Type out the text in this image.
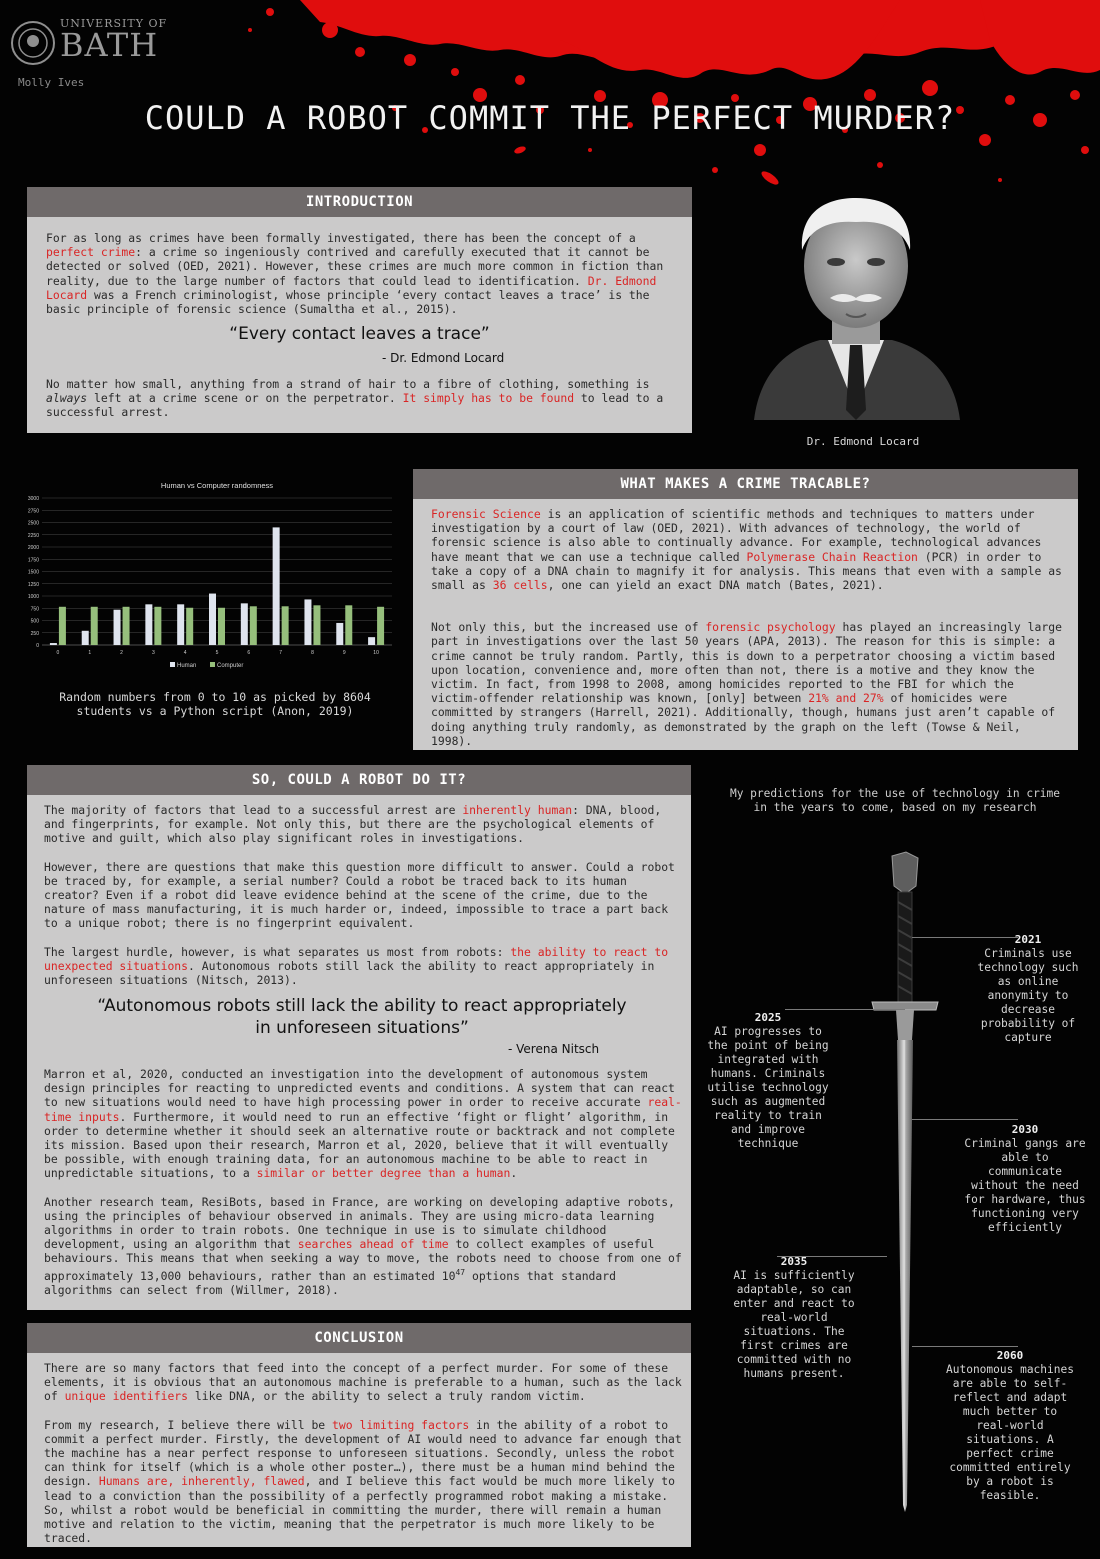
UNIVERSITY OF
BATH
Molly Ives
COULD A ROBOT COMMIT THE PERFECT MURDER?
INTRODUCTION

For as long as crimes have been formally investigated, there has been the concept of a perfect crime: a crime so ingeniously contrived and carefully executed that it cannot be detected or solved (OED, 2021). However, these crimes are much more common in fiction than reality, due to the large number of factors that could lead to identification. Dr. Edmond Locard was a French criminologist, whose principle ‘every contact leaves a trace’ is the basic principle of forensic science (Sumaltha et al., 2015).

“Every contact leaves a trace”
- Dr. Edmond Locard

No matter how small, anything from a strand of hair to a fibre of clothing, something is always left at a crime scene or on the perpetrator. It simply has to be found to lead to a successful arrest.

Dr. Edmond Locard
Human vs Computer randomness
0
250
500
750
1000
1250
1500
1750
2000
2250
2500
2750
3000
0	1	2	3	4	5	6	7	8	9	10
Human	Computer
Random numbers from 0 to 10 as picked by 8604 students vs a Python script (Anon, 2019)
WHAT MAKES A CRIME TRACABLE?

Forensic Science is an application of scientific methods and techniques to matters under investigation by a court of law (OED, 2021). With advances of technology, the world of forensic science is also able to continually advance. For example, technological advances have meant that we can use a technique called Polymerase Chain Reaction (PCR) in order to take a copy of a DNA chain to magnify it for analysis. This means that even with a sample as small as 36 cells, one can yield an exact DNA match (Bates, 2021).

Not only this, but the increased use of forensic psychology has played an increasingly large part in investigations over the last 50 years (APA, 2013). The reason for this is simple: a crime cannot be truly random. Partly, this is down to a perpetrator choosing a victim based upon location, convenience and, more often than not, there is a motive and they know the victim. In fact, from 1998 to 2008, among homicides reported to the FBI for which the victim-offender relationship was known, [only] between 21% and 27% of homicides were committed by strangers (Harrell, 2021). Additionally, though, humans just aren’t capable of doing anything truly randomly, as demonstrated by the graph on the left (Towse & Neil, 1998).

SO, COULD A ROBOT DO IT?

The majority of factors that lead to a successful arrest are inherently human: DNA, blood, and fingerprints, for example. Not only this, but there are the psychological elements of motive and guilt, which also play significant roles in investigations.

However, there are questions that make this question more difficult to answer. Could a robot be traced by, for example, a serial number? Could a robot be traced back to its human creator? Even if a robot did leave evidence behind at the scene of the crime, due to the nature of mass manufacturing, it is much harder or, indeed, impossible to trace a part back to a unique robot; there is no fingerprint equivalent.

The largest hurdle, however, is what separates us most from robots: the ability to react to unexpected situations. Autonomous robots still lack the ability to react appropriately in unforeseen situations (Nitsch, 2013).

“Autonomous robots still lack the ability to react appropriately in unforeseen situations”
- Verena Nitsch

Marron et al, 2020, conducted an investigation into the development of autonomous system design principles for reacting to unpredicted events and conditions. A system that can react to new situations would need to have high processing power in order to receive accurate real-time inputs. Furthermore, it would need to run an effective ‘fight or flight’ algorithm, in order to determine whether it should seek an alternative route or backtrack and not complete its mission. Based upon their research, Marron et al, 2020, believe that it will eventually be possible, with enough training data, for an autonomous machine to be able to react in unpredictable situations, to a similar or better degree than a human.

Another research team, ResiBots, based in France, are working on developing adaptive robots, using the principles of behaviour observed in animals. They are using micro-data learning algorithms in order to train robots. One technique in use is to simulate childhood development, using an algorithm that searches ahead of time to collect examples of useful behaviours. This means that when seeking a way to move, the robots need to choose from one of approximately 13,000 behaviours, rather than an estimated $10^{47}$ options that standard algorithms can select from (Willmer, 2018).

CONCLUSION

There are so many factors that feed into the concept of a perfect murder. For some of these elements, it is obvious that an autonomous machine is preferable to a human, such as the lack of unique identifiers like DNA, or the ability to select a truly random victim.

From my research, I believe there will be two limiting factors in the ability of a robot to commit a perfect murder. Firstly, the development of AI would need to advance far enough that the machine has a near perfect response to unforeseen situations. Secondly, unless the robot can think for itself (which is a whole other poster…), there must be a human mind behind the design. Humans are, inherently, flawed, and I believe this fact would be much more likely to lead to a conviction than the possibility of a perfectly programmed robot making a mistake. So, whilst a robot would be beneficial in committing the murder, there will remain a human motive and relation to the victim, meaning that the perpetrator is much more likely to be traced.

My predictions for the use of technology in crime in the years to come, based on my research
2021
Criminals use technology such as online anonymity to decrease probability of capture
2025
AI progresses to the point of being integrated with humans. Criminals utilise technology such as augmented reality to train and improve technique
2030
Criminal gangs are able to communicate without the need for hardware, thus functioning very efficiently
2035
AI is sufficiently adaptable, so can enter and react to real-world situations. The first crimes are committed with no humans present.
2060
Autonomous machines are able to self-reflect and adapt much better to real-world situations. A perfect crime committed entirely by a robot is feasible.
